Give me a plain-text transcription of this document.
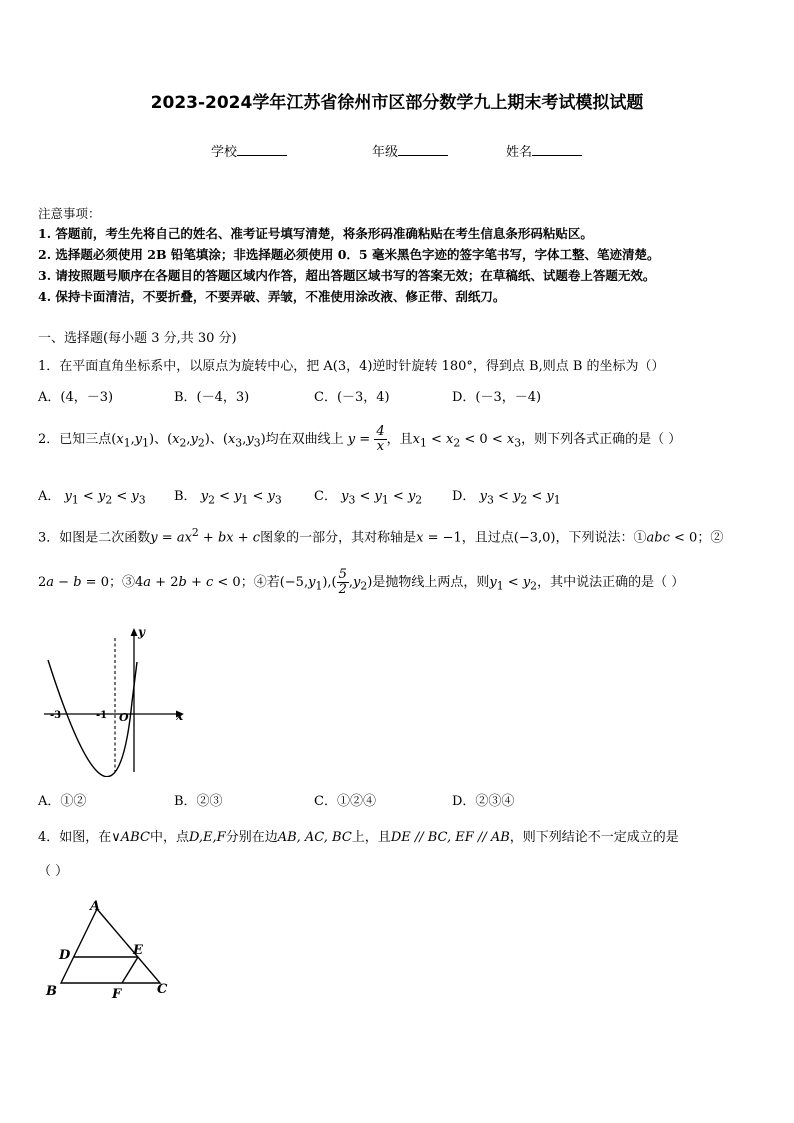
2023-2024学年江苏省徐州市区部分数学九上期末考试模拟试题
学校	年级	姓名
注意事项：
1. 答题前，考生先将自己的姓名、准考证号填写清楚，将条形码准确粘贴在考生信息条形码粘贴区。
2. 选择题必须使用 2B 铅笔填涂；非选择题必须使用 0．5 毫米黑色字迹的签字笔书写，字体工整、笔迹清楚。
3. 请按照题号顺序在各题目的答题区域内作答，超出答题区域书写的答案无效；在草稿纸、试题卷上答题无效。
4. 保持卡面清洁，不要折叠，不要弄破、弄皱，不准使用涂改液、修正带、刮纸刀。
一、选择题(每小题 3 分,共 30 分)
1．在平面直角坐标系中，以原点为旋转中心，把 A(3，4)逆时针旋转 180°，得到点 B,则点 B 的坐标为（）
A．(4，－3)	B．(－4，3)	C．(－3，4)	D．(－3，－4)
2．已知三点$(x_1,y_1)$、$(x_2,y_2)$、$(x_3,y_3)$均在双曲线上 $y = \frac{4}{x}$ ，且$x_1 < x_2 < 0 < x_3$，则下列各式正确的是（ ）
A． $y_1 < y_2 < y_3$ B． $y_2 < y_1 < y_3$ C． $y_3 < y_1 < y_2$ D． $y_3 < y_2 < y_1$
3．如图是二次函数$y = ax^2$ + bx + c图象的一部分，其对称轴是x = −1，且过点(−3,0)，下列说法：①abc < 0；②
2a − b = 0；③4a + 2b + c < 0；④若$(-5,y_1),( \frac{5}{2} ,y_2)$是抛物线上两点，则$y_1 < y_2$，其中说法正确的是（ ）
y
x
O
-3	-1
A．①②	B．②③	C．①②④	D．②③④
4．如图，在∨ABC中，点D,E,F分别在边AB, AC, BC上，且DE // BC, EF // AB，则下列结论不一定成立的是
（ ）
A
D	E
B	F	C
